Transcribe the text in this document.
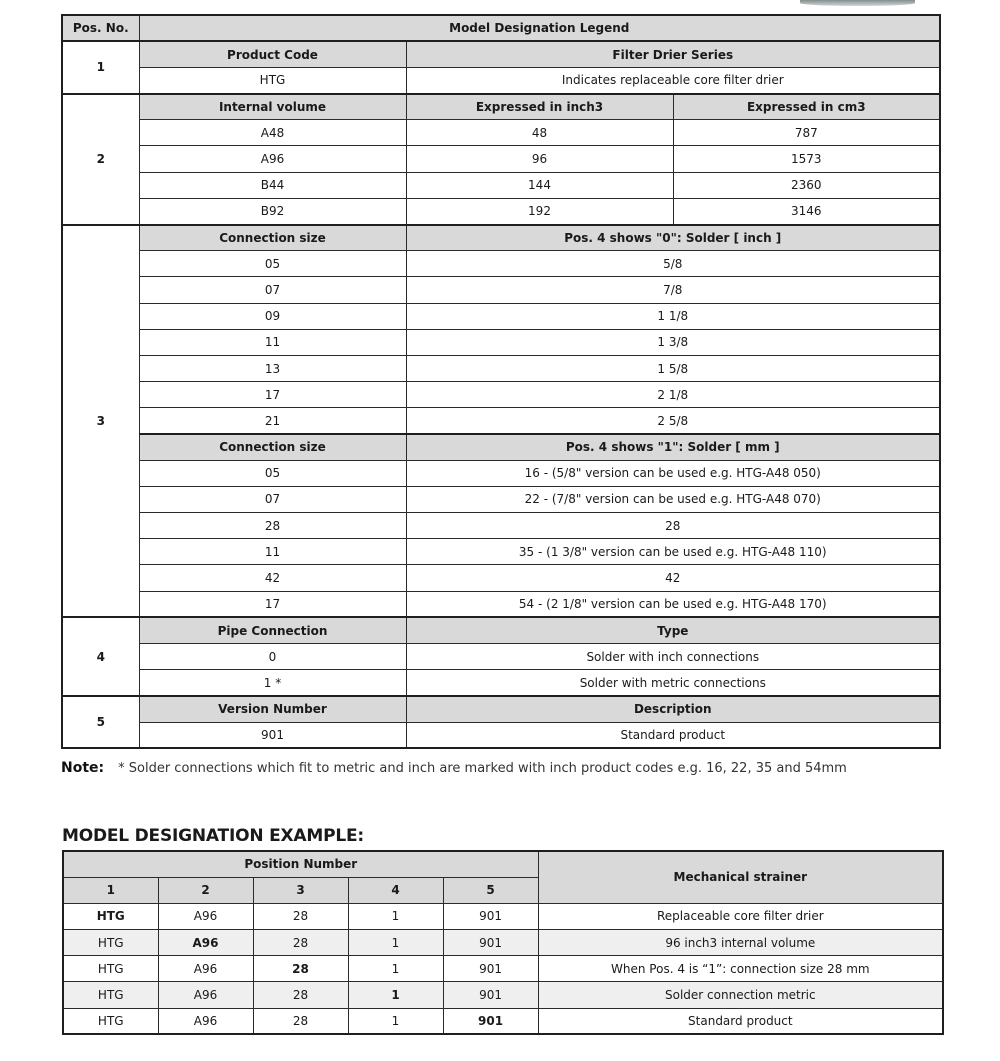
Pos. No.	Model Designation Legend		
1	Product Code	Filter Drier Series	
	HTG	Indicates replaceable core filter drier	
2	Internal volume	Expressed in inch3	Expressed in cm3
	A48	48	787
	A96	96	1573
	B44	144	2360
	B92	192	3146
3	Connection size	Pos. 4 shows "0": Solder [ inch ]	
	05	5/8	
	07	7/8	
	09	1 1/8	
	11	1 3/8	
	13	1 5/8	
	17	2 1/8	
	21	2 5/8	
	Connection size	Pos. 4 shows "1": Solder [ mm ]	
	05	16 - (5/8" version can be used e.g. HTG-A48 050)	
	07	22 - (7/8" version can be used e.g. HTG-A48 070)	
	28	28	
	11	35 - (1 3/8" version can be used e.g. HTG-A48 110)	
	42	42	
	17	54 - (2 1/8" version can be used e.g. HTG-A48 170)	
4	Pipe Connection	Type	
	0	Solder with inch connections	
	1 *	Solder with metric connections	
5	Version Number	Description	
	901	Standard product	
Note: * Solder connections which fit to metric and inch are marked with inch product codes e.g. 16, 22, 35 and 54mm
MODEL DESIGNATION EXAMPLE:
Position Number					Mechanical strainer
1	2	3	4	5	
HTG	A96	28	1	901	Replaceable core filter drier
HTG	A96	28	1	901	96 inch3 internal volume
HTG	A96	28	1	901	When Pos. 4 is “1”: connection size 28 mm
HTG	A96	28	1	901	Solder connection metric
HTG	A96	28	1	901	Standard product
